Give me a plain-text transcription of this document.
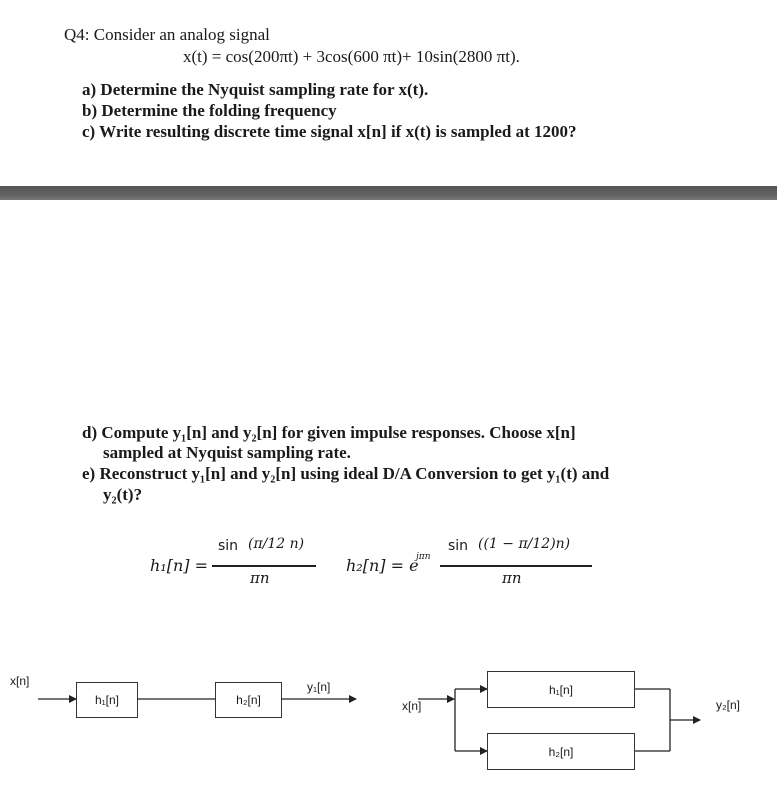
Q4: Consider an analog signal
x(t) = cos(200πt) + 3cos(600 πt)+ 10sin(2800 πt).
a) Determine the Nyquist sampling rate for x(t).
b) Determine the folding frequency
c) Write resulting discrete time signal x[n] if x(t) is sampled at 1200?
d) Compute y₁[n] and y₂[n] for given impulse responses. Choose x[n]
sampled at Nyquist sampling rate.
e) Reconstruct y₁[n] and y₂[n] using ideal D/A Conversion to get y₁(t) and
y₂(t)?
h₁[n] =
sin (π/12 n)
πn
h₂[n] = e
jπn
sin ((1 − π/12)n)
πn
x[n]
h₁[n]	h₂[n]
y₁[n]
x[n]
h₁[n]
h₂[n]
y₂[n]
